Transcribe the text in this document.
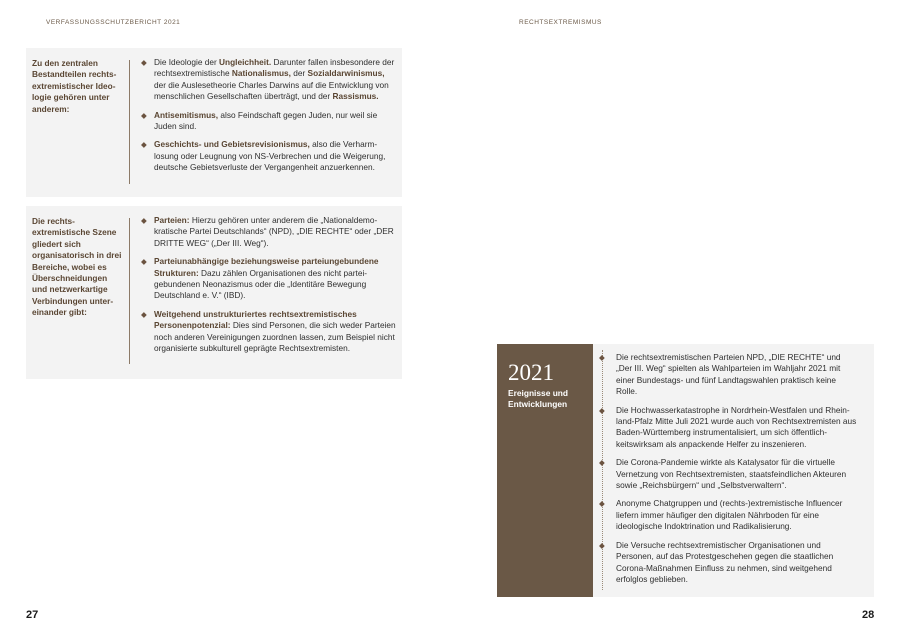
VERFASSUNGSSCHUTZBERICHT 2021
Zu den zentralen Bestandteilen rechtsextremistischer Ideologie gehören unter anderem:
◆ Die Ideologie der Ungleichheit. Darunter fallen insbesondere der rechtsextremistische Nationalismus, der Sozialdarwinismus, der die Auslesetheorie Charles Darwins auf die Entwicklung von menschlichen Gesellschaften überträgt, und der Rassismus.
◆ Antisemitismus, also Feindschaft gegen Juden, nur weil sie Juden sind.
◆ Geschichts- und Gebietsrevisionismus, also die Verharmlosung oder Leugnung von NS-Verbrechen und die Weigerung, deutsche Gebietsverluste der Vergangenheit anzuerkennen.
Die rechtsextremistische Szene gliedert sich organisatorisch in drei Bereiche, wobei es Überschneidungen und netzwerkartige Verbindungen untereinander gibt:
◆ Parteien: Hierzu gehören unter anderem die „Nationaldemokratische Partei Deutschlands“ (NPD), „DIE RECHTE“ oder „DER DRITTE WEG“ („Der III. Weg“).
◆ Parteiunabhängige beziehungsweise parteiungebundene Strukturen: Dazu zählen Organisationen des nicht parteigebundenen Neonazismus oder die „Identitäre Bewegung Deutschland e. V.“ (IBD).
◆ Weitgehend unstrukturiertes rechtsextremistisches Personenpotenzial: Dies sind Personen, die sich weder Parteien noch anderen Vereinigungen zuordnen lassen, zum Beispiel nicht organisierte subkulturell geprägte Rechtsextremisten.
27
RECHTSEXTREMISMUS
2021
Ereignisse und Entwicklungen
◆ Die rechtsextremistischen Parteien NPD, „DIE RECHTE“ und „Der III. Weg“ spielten als Wahlparteien im Wahljahr 2021 mit einer Bundestags- und fünf Landtagswahlen praktisch keine Rolle.
◆ Die Hochwasserkatastrophe in Nordrhein-Westfalen und Rheinland-Pfalz Mitte Juli 2021 wurde auch von Rechtsextremisten aus Baden-Württemberg instrumentalisiert, um sich öffentlichkeitswirksam als anpackende Helfer zu inszenieren.
◆ Die Corona-Pandemie wirkte als Katalysator für die virtuelle Vernetzung von Rechtsextremisten, staatsfeindlichen Akteuren sowie „Reichsbürgern“ und „Selbstverwaltern“.
◆ Anonyme Chatgruppen und (rechts-)extremistische Influencer liefern immer häufiger den digitalen Nährboden für eine ideologische Indoktrination und Radikalisierung.
◆ Die Versuche rechtsextremistischer Organisationen und Personen, auf das Protestgeschehen gegen die staatlichen Corona-Maßnahmen Einfluss zu nehmen, sind weitgehend erfolglos geblieben.
28
